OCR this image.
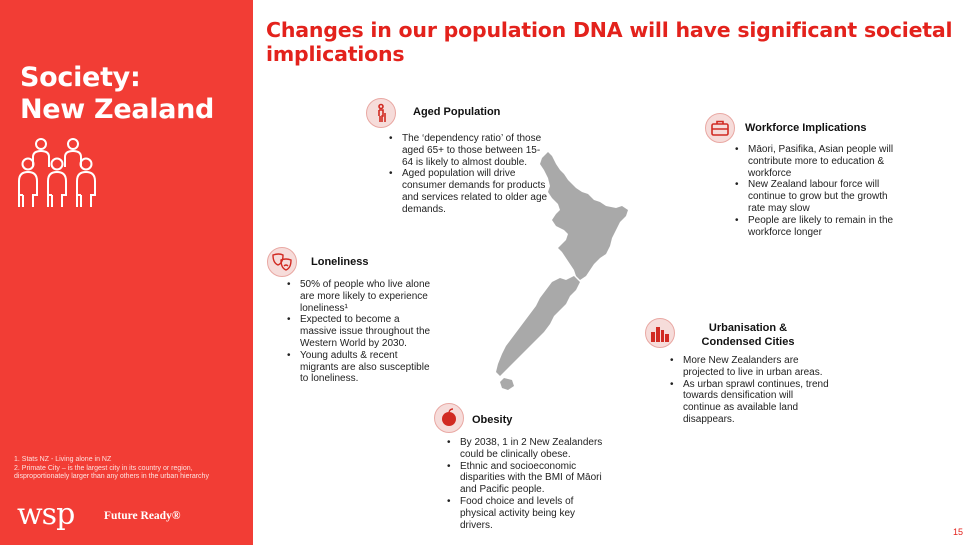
Society:
New Zealand
1. Stats NZ - Living alone in NZ
2. Primate City – is the largest city in its country or region, disproportionately larger than any others in the urban hierarchy
wsp	Future Ready®
Changes in our population DNA will have significant societal implications
Aged Population
• The ‘dependency ratio’ of those aged 65+ to those between 15-64 is likely to almost double.
• Aged population will drive consumer demands for products and services related to older age demands.
Workforce Implications
• Māori, Pasifika, Asian people will contribute more to education & workforce
• New Zealand labour force will continue to grow but the growth rate may slow
• People are likely to remain in the workforce longer
Loneliness
• 50% of people who live alone are more likely to experience loneliness¹
• Expected to become a massive issue throughout the Western World by 2030.
• Young adults & recent migrants are also susceptible to loneliness.
Urbanisation &
Condensed Cities
• More New Zealanders are projected to live in urban areas.
• As urban sprawl continues, trend towards densification will continue as available land disappears.
Obesity
• By 2038, 1 in 2 New Zealanders could be clinically obese.
• Ethnic and socioeconomic disparities with the BMI of Māori and Pacific people.
• Food choice and levels of physical activity being key drivers.
15
